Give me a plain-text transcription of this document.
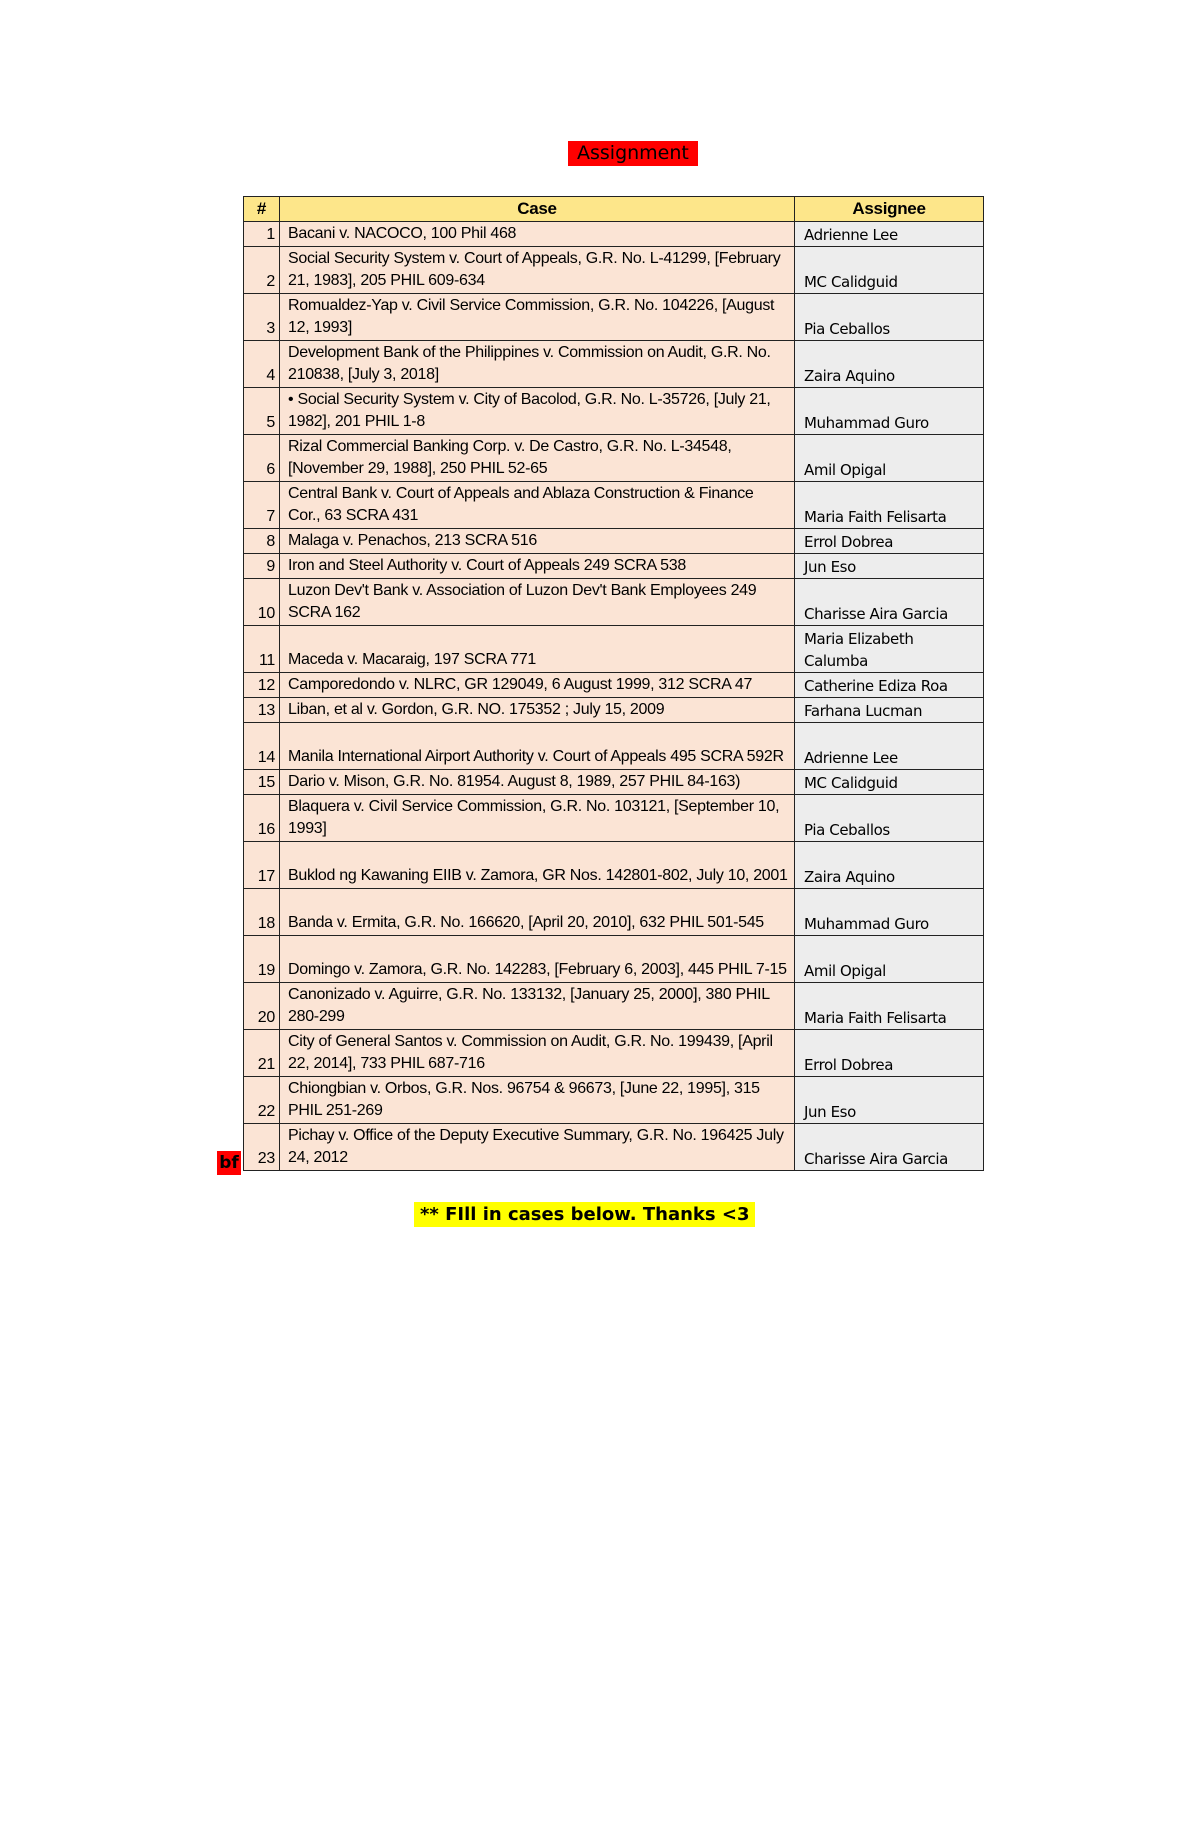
Assignment
#	Case	Assignee
1	Bacani v. NACOCO, 100 Phil 468	Adrienne Lee
2	Social Security System v. Court of Appeals, G.R. No. L-41299, [February 21, 1983], 205 PHIL 609-634	MC Calidguid
3	Romualdez-Yap v. Civil Service Commission, G.R. No. 104226, [August 12, 1993]	Pia Ceballos
4	Development Bank of the Philippines v. Commission on Audit, G.R. No. 210838, [July 3, 2018]	Zaira Aquino
5	• Social Security System v. City of Bacolod, G.R. No. L-35726, [July 21, 1982], 201 PHIL 1-8	Muhammad Guro
6	Rizal Commercial Banking Corp. v. De Castro, G.R. No. L-34548, [November 29, 1988], 250 PHIL 52-65	Amil Opigal
7	Central Bank v. Court of Appeals and Ablaza Construction & Finance Cor., 63 SCRA 431	Maria Faith Felisarta
8	Malaga v. Penachos, 213 SCRA 516	Errol Dobrea
9	Iron and Steel Authority v. Court of Appeals 249 SCRA 538	Jun Eso
10	Luzon Dev't Bank v. Association of Luzon Dev't Bank Employees 249 SCRA 162	Charisse Aira Garcia
11	Maceda v. Macaraig, 197 SCRA 771	Maria Elizabeth Calumba
12	Camporedondo v. NLRC, GR 129049, 6 August 1999, 312 SCRA 47	Catherine Ediza Roa
13	Liban, et al v. Gordon, G.R. NO. 175352 ; July 15, 2009	Farhana Lucman
14	Manila International Airport Authority v. Court of Appeals 495 SCRA 592R	Adrienne Lee
15	Dario v. Mison, G.R. No. 81954. August 8, 1989, 257 PHIL 84-163)	MC Calidguid
16	Blaquera v. Civil Service Commission, G.R. No. 103121, [September 10, 1993]	Pia Ceballos
17	Buklod ng Kawaning EIIB v. Zamora, GR Nos. 142801-802, July 10, 2001	Zaira Aquino
18	Banda v. Ermita, G.R. No. 166620, [April 20, 2010], 632 PHIL 501-545	Muhammad Guro
19	Domingo v. Zamora, G.R. No. 142283, [February 6, 2003], 445 PHIL 7-15	Amil Opigal
20	Canonizado v. Aguirre, G.R. No. 133132, [January 25, 2000], 380 PHIL 280-299	Maria Faith Felisarta
21	City of General Santos v. Commission on Audit, G.R. No. 199439, [April 22, 2014], 733 PHIL 687-716	Errol Dobrea
22	Chiongbian v. Orbos, G.R. Nos. 96754 & 96673, [June 22, 1995], 315 PHIL 251-269	Jun Eso
23	Pichay v. Office of the Deputy Executive Summary, G.R. No. 196425 July 24, 2012	Charisse Aira Garcia
bf
** FIll in cases below. Thanks <3
